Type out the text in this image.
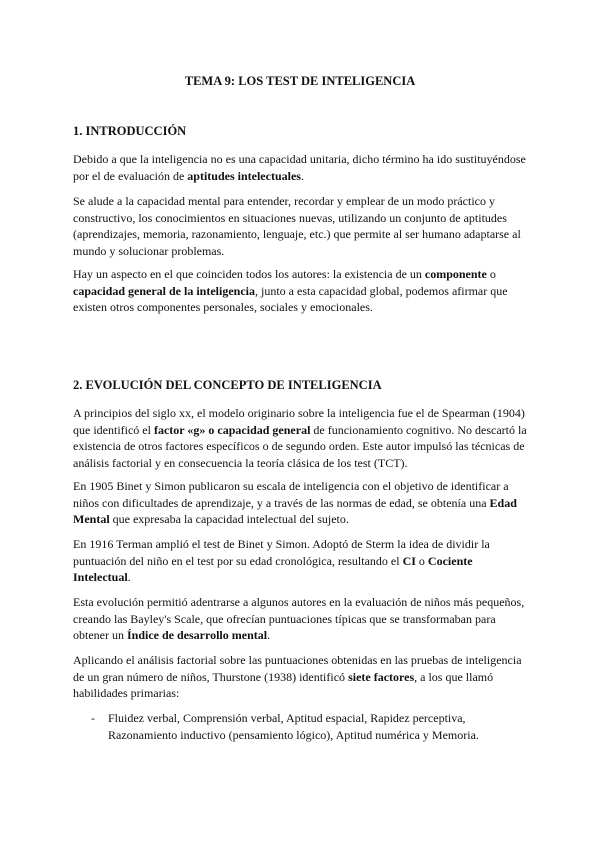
TEMA 9: LOS TEST DE INTELIGENCIA
1. INTRODUCCIÓN

Debido a que la inteligencia no es una capacidad unitaria, dicho término ha ido sustituyéndose por el de evaluación de aptitudes intelectuales.

Se alude a la capacidad mental para entender, recordar y emplear de un modo práctico y constructivo, los conocimientos en situaciones nuevas, utilizando un conjunto de aptitudes (aprendizajes, memoria, razonamiento, lenguaje, etc.) que permite al ser humano adaptarse al mundo y solucionar problemas.

Hay un aspecto en el que coinciden todos los autores: la existencia de un componente o capacidad general de la inteligencia, junto a esta capacidad global, podemos afirmar que existen otros componentes personales, sociales y emocionales.

2. EVOLUCIÓN DEL CONCEPTO DE INTELIGENCIA

A principios del siglo xx, el modelo originario sobre la inteligencia fue el de Spearman (1904) que identificó el factor «g» o capacidad general de funcionamiento cognitivo. No descartó la existencia de otros factores específicos o de segundo orden. Este autor impulsó las técnicas de análisis factorial y en consecuencia la teoría clásica de los test (TCT).

En 1905 Binet y Simon publicaron su escala de inteligencia con el objetivo de identificar a niños con dificultades de aprendizaje, y a través de las normas de edad, se obtenía una Edad Mental que expresaba la capacidad intelectual del sujeto.

En 1916 Terman amplió el test de Binet y Simon. Adoptó de Sterm la idea de dividir la puntuación del niño en el test por su edad cronológica, resultando el CI o Cociente Intelectual.

Esta evolución permitió adentrarse a algunos autores en la evaluación de niños más pequeños, creando las Bayley's Scale, que ofrecían puntuaciones típicas que se transformaban para obtener un Índice de desarrollo mental.

Aplicando el análisis factorial sobre las puntuaciones obtenidas en las pruebas de inteligencia de un gran número de niños, Thurstone (1938) identificó siete factores, a los que llamó habilidades primarias:

- Fluidez verbal, Comprensión verbal, Aptitud espacial, Rapidez perceptiva, Razonamiento inductivo (pensamiento lógico), Aptitud numérica y Memoria.
